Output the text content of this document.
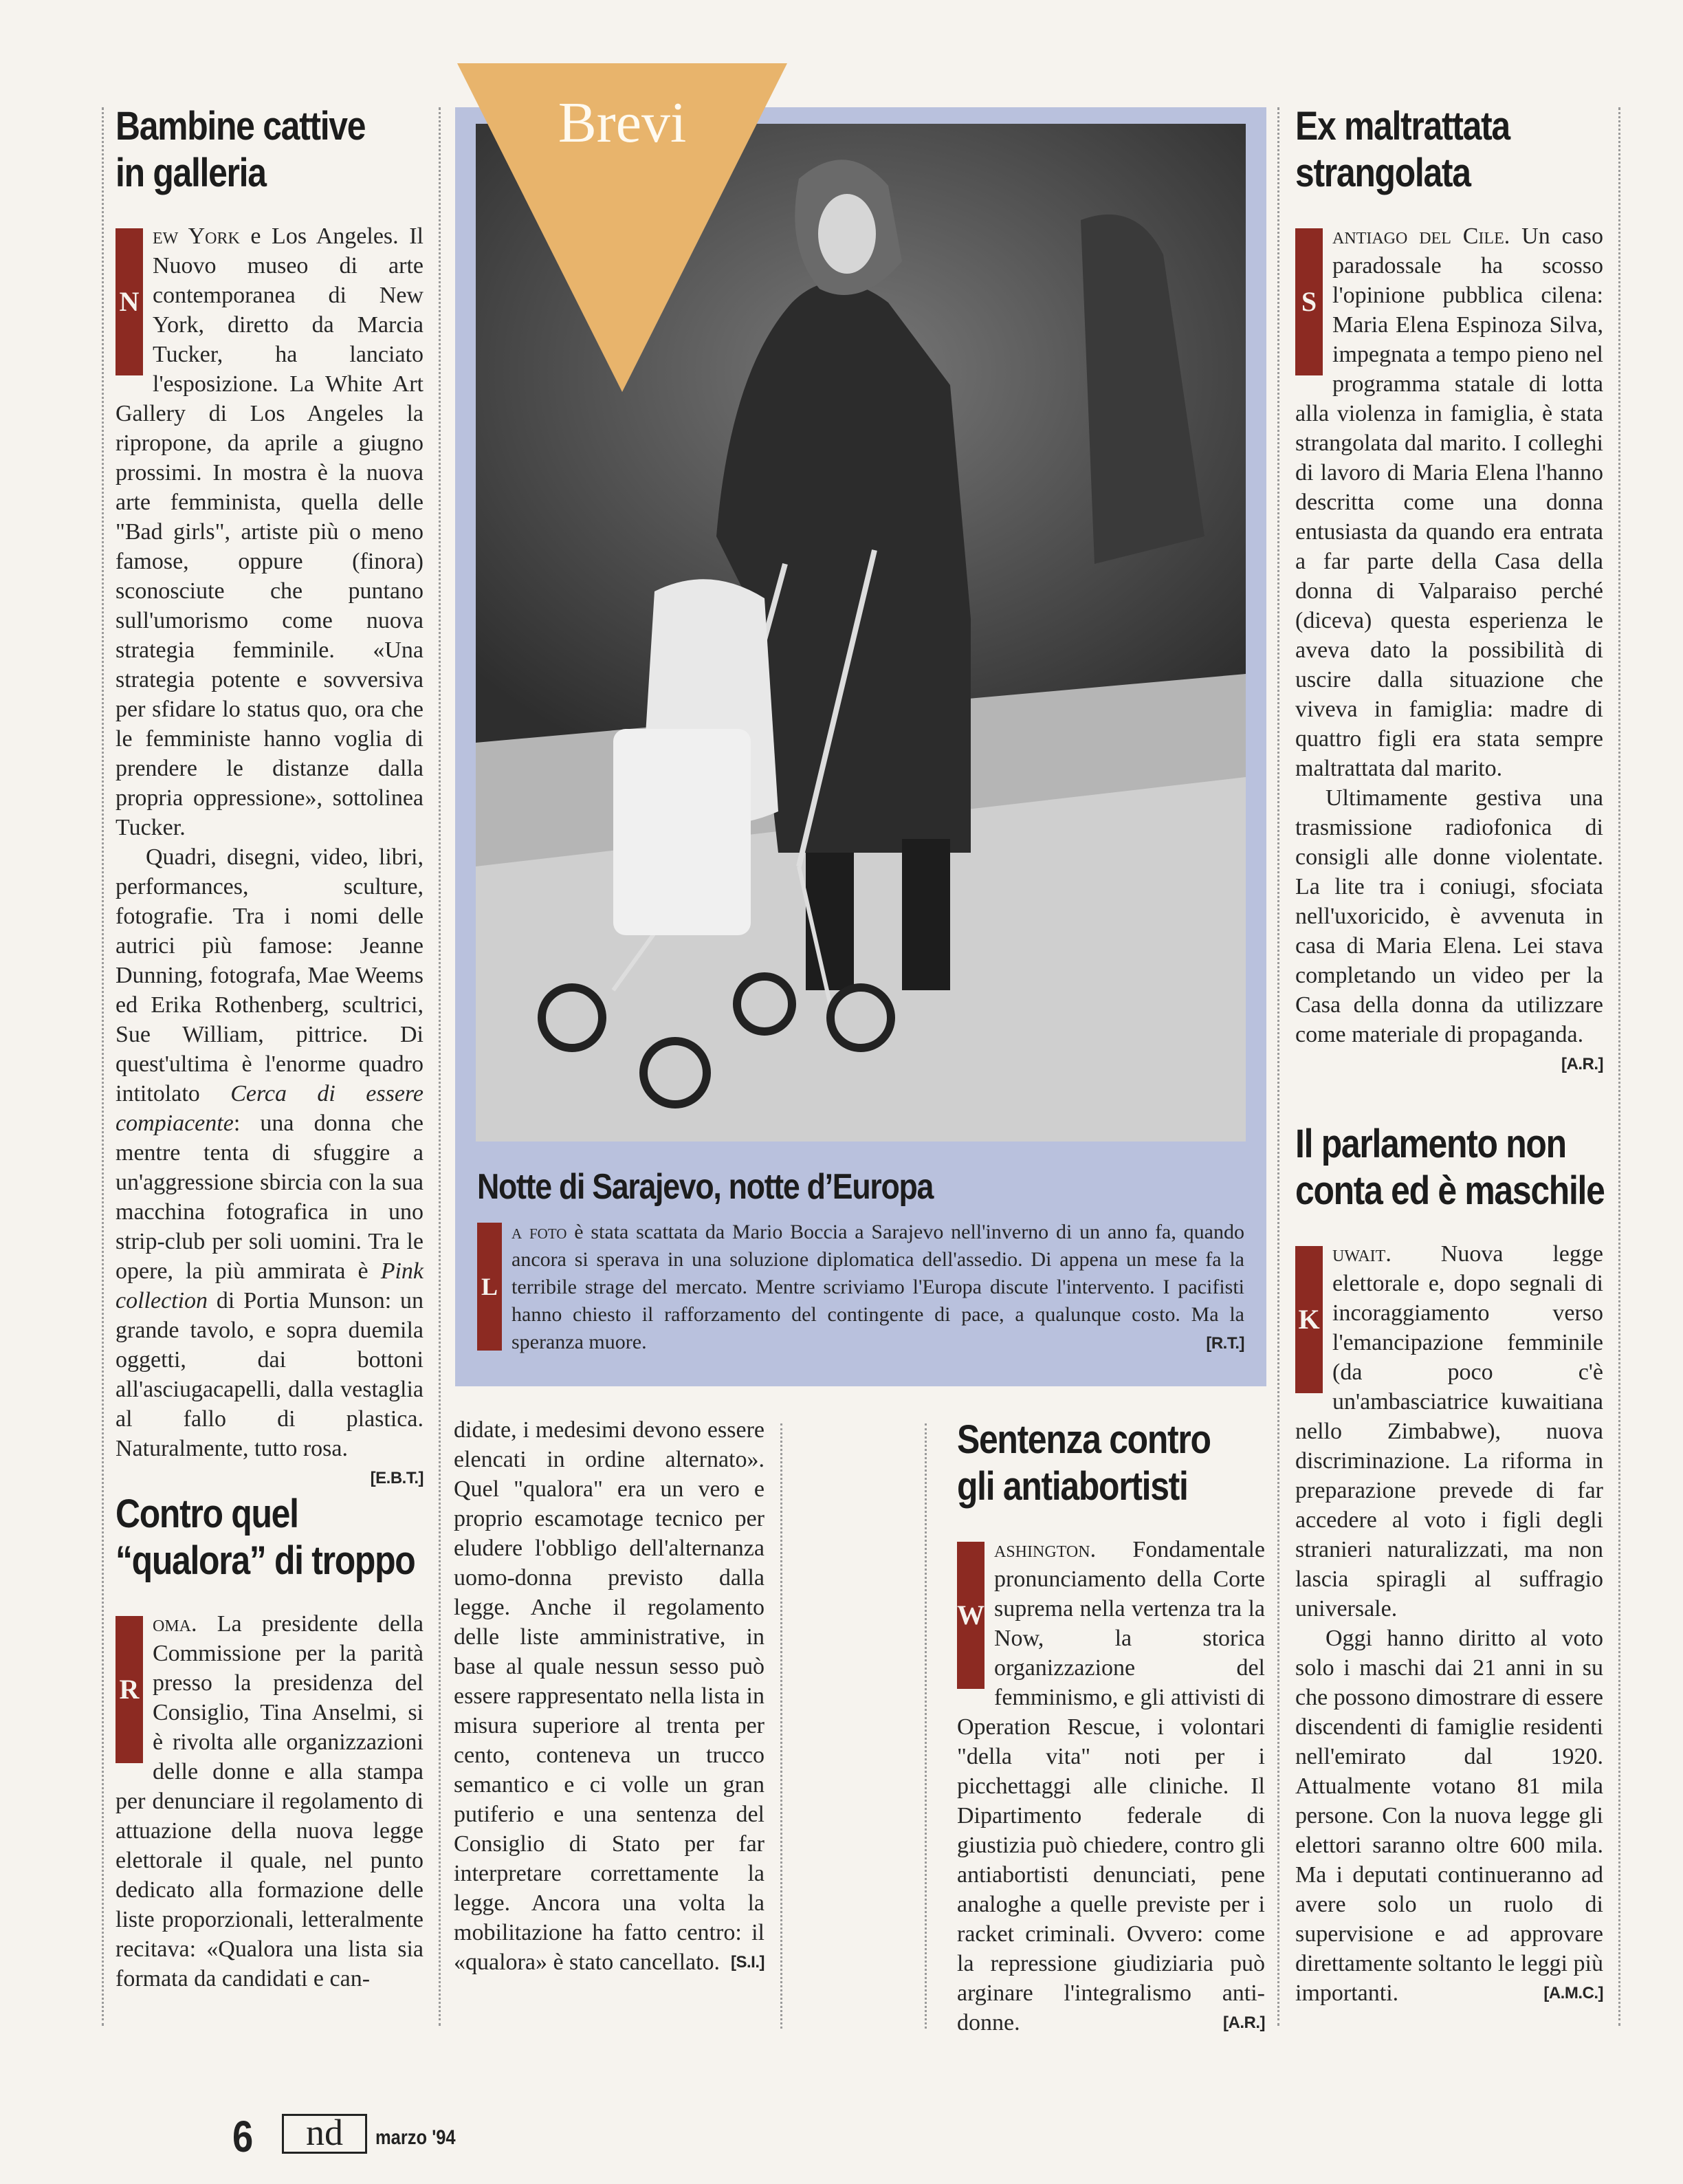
Bambine cattive
in galleria

N
ew York e Los Angeles. Il Nuovo museo di arte contemporanea di New York, diretto da Marcia Tucker, ha lanciato l'esposizione. La White Art Gallery di Los Angeles la ripropone, da aprile a giugno prossimi. In mostra è la nuova arte femminista, quella delle "Bad girls", artiste più o meno famose, oppure (finora) sconosciute che puntano sull'umorismo come nuova strategia femminile. «Una strategia potente e sovversiva per sfidare lo status quo, ora che le femministe hanno voglia di prendere le distanze dalla propria oppressione», sottolinea Tucker.

Quadri, disegni, video, libri, performances, sculture, fotografie. Tra i nomi delle autrici più famose: Jeanne Dunning, fotografa, Mae Weems ed Erika Rothenberg, scultrici, Sue William, pittrice. Di quest'ultima è l'enorme quadro intitolato Cerca di essere compiacente: una donna che mentre tenta di sfuggire a un'aggressione sbircia con la sua macchina fotografica in uno strip-club per soli uomini. Tra le opere, la più ammirata è Pink collection di Portia Munson: un grande tavolo, e sopra duemila oggetti, dai bottoni all'asciugacapelli, dalla vestaglia al fallo di plastica. Naturalmente, tutto rosa.
[E.B.T.]

Contro quel
“qualora” di troppo

R
oma. La presidente della Commissione per la parità presso la presidenza del Consiglio, Tina Anselmi, si è rivolta alle organizzazioni delle donne e alla stampa per denunciare il regolamento di attuazione della nuova legge elettorale il quale, nel punto dedicato alla formazione delle liste proporzionali, letteralmente recitava: «Qualora una lista sia formata da candidati e can-

didate, i medesimi devono essere elencati in ordine alternato». Quel "qualora" era un vero e proprio escamotage tecnico per eludere l'obbligo dell'alternanza uomo-donna previsto dalla legge. Anche il regolamento delle liste amministrative, in base al quale nessun sesso può essere rappresentato nella lista in misura superiore al trenta per cento, conteneva un trucco semantico e ci volle un gran putiferio e una sentenza del Consiglio di Stato per far interpretare correttamente la legge. Ancora una volta la mobilitazione ha fatto centro: il «qualora» è stato cancellato. [S.I.]

Brevi
Notte di Sarajevo, notte d’Europa

L
a foto è stata scattata da Mario Boccia a Sarajevo nell'inverno di un anno fa, quando ancora si sperava in una soluzione diplomatica dell'assedio. Di appena un mese fa la terribile strage del mercato. Mentre scriviamo l'Europa discute l'intervento. I pacifisti hanno chiesto il rafforzamento del contingente di pace, a qualunque costo. Ma la speranza muore.	[R.T.]

Sentenza contro
gli antiabortisti

W
ashington. Fondamentale pronunciamento della Corte suprema nella vertenza tra la Now, la storica organizzazione del femminismo, e gli attivisti di Operation Rescue, i volontari "della vita" noti per i picchettaggi alle cliniche. Il Dipartimento federale di giustizia può chiedere, contro gli antiabortisti denunciati, pene analoghe a quelle previste per i racket criminali. Ovvero: come la repressione giudiziaria può arginare l'integralismo anti-donne.	[A.R.]

Ex maltrattata
strangolata

S
antiago del Cile. Un caso paradossale ha scosso l'opinione pubblica cilena: Maria Elena Espinoza Silva, impegnata a tempo pieno nel programma statale di lotta alla violenza in famiglia, è stata strangolata dal marito. I colleghi di lavoro di Maria Elena l'hanno descritta come una donna entusiasta da quando era entrata a far parte della Casa della donna di Valparaiso perché (diceva) questa esperienza le aveva dato la possibilità di uscire dalla situazione che viveva in famiglia: madre di quattro figli era stata sempre maltrattata dal marito.

Ultimamente gestiva una trasmissione radiofonica di consigli alle donne violentate. La lite tra i coniugi, sfociata nell'uxoricido, è avvenuta in casa di Maria Elena. Lei stava completando un video per la Casa della donna da utilizzare come materiale di propaganda.
[A.R.]

Il parlamento non
conta ed è maschile

K
uwait. Nuova legge elettorale e, dopo segnali di incoraggiamento verso l'emancipazione femminile (da poco c'è un'ambasciatrice kuwaitiana nello Zimbabwe), nuova discriminazione. La riforma in preparazione prevede di far accedere al voto i figli degli stranieri naturalizzati, ma non lascia spiragli al suffragio universale.

Oggi hanno diritto al voto solo i maschi dai 21 anni in su che possono dimostrare di essere discendenti di famiglie residenti nell'emirato dal 1920. Attualmente votano 81 mila persone. Con la nuova legge gli elettori saranno oltre 600 mila. Ma i deputati continueranno ad avere solo un ruolo di supervisione e ad approvare direttamente soltanto le leggi più importanti.	[A.M.C.]

6	nd	marzo '94
